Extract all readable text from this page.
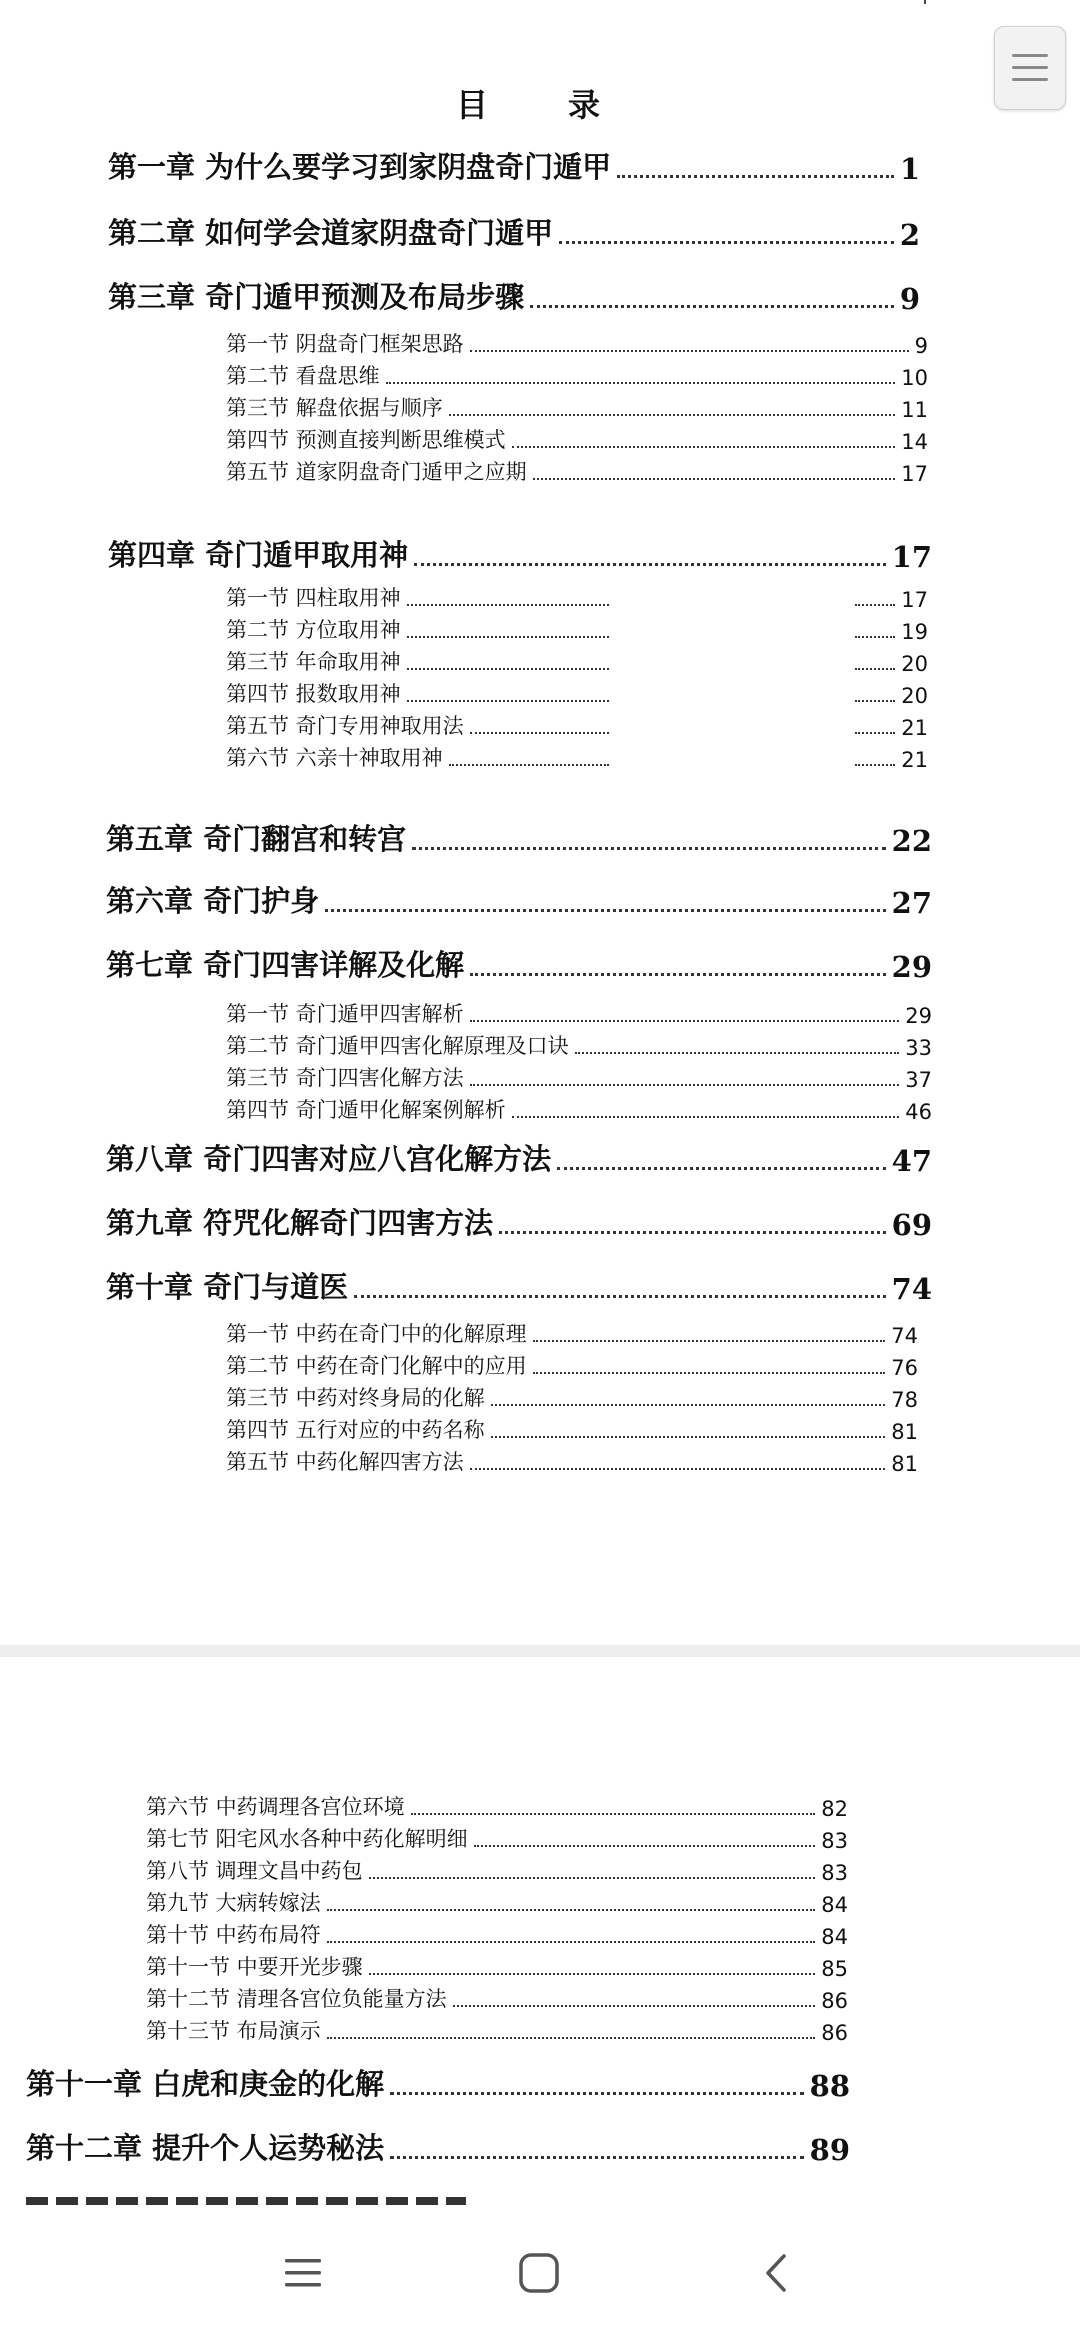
目　录
第一章 为什么要学习到家阴盘奇门遁甲	1
第二章 如何学会道家阴盘奇门遁甲	2
第三章 奇门遁甲预测及布局步骤	9
第一节 阴盘奇门框架思路	9
第二节 看盘思维	10
第三节 解盘依据与顺序	11
第四节 预测直接判断思维模式	14
第五节 道家阴盘奇门遁甲之应期	17
第四章 奇门遁甲取用神	17
第一节 四柱取用神	17
第二节 方位取用神	19
第三节 年命取用神	20
第四节 报数取用神	20
第五节 奇门专用神取用法	21
第六节 六亲十神取用神	21
第五章 奇门翻宫和转宫	22
第六章 奇门护身	27
第七章 奇门四害详解及化解	29
第一节 奇门遁甲四害解析	29
第二节 奇门遁甲四害化解原理及口诀	33
第三节 奇门四害化解方法	37
第四节 奇门遁甲化解案例解析	46
第八章 奇门四害对应八宫化解方法	47
第九章 符咒化解奇门四害方法	69
第十章 奇门与道医	74
第一节 中药在奇门中的化解原理	74
第二节 中药在奇门化解中的应用	76
第三节 中药对终身局的化解	78
第四节 五行对应的中药名称	81
第五节 中药化解四害方法	81
第六节 中药调理各宫位环境	82
第七节 阳宅风水各种中药化解明细	83
第八节 调理文昌中药包	83
第九节 大病转嫁法	84
第十节 中药布局符	84
第十一节 中要开光步骤	85
第十二节 清理各宫位负能量方法	86
第十三节 布局演示	86
第十一章 白虎和庚金的化解	88
第十二章 提升个人运势秘法	89
